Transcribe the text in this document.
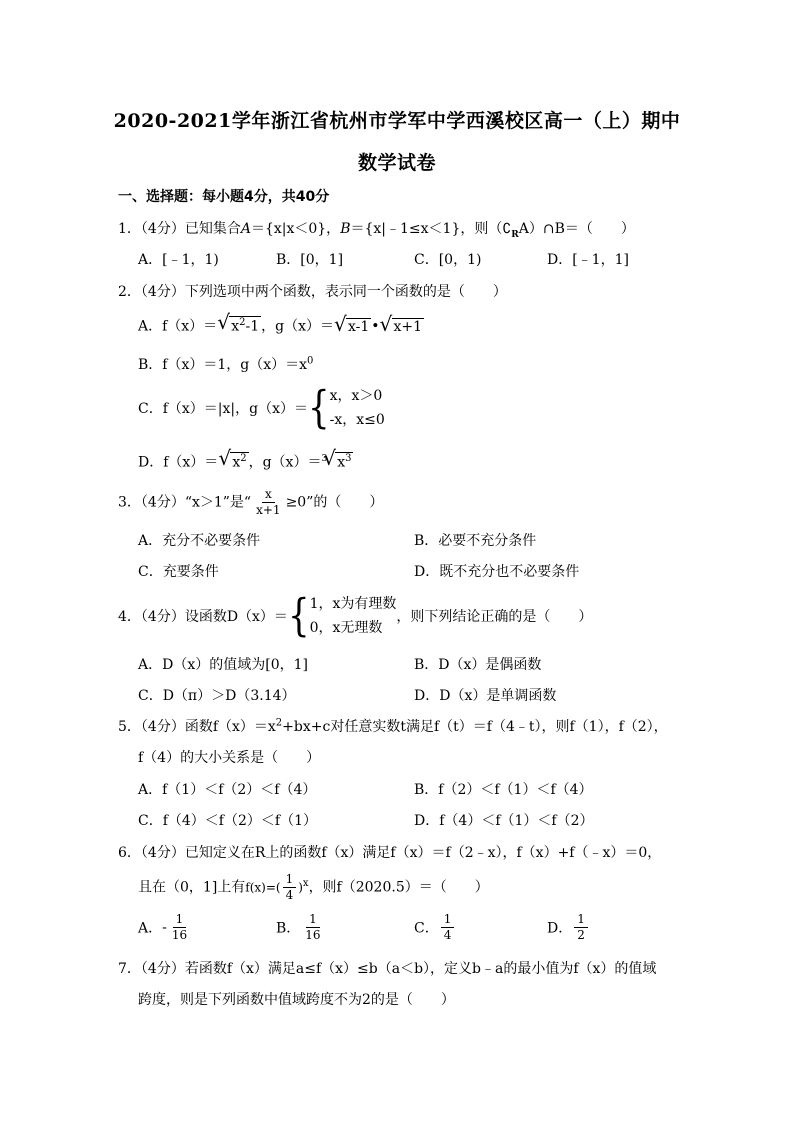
2020-2021学年浙江省杭州市学军中学西溪校区高一（上）期中
数学试卷
一、选择题：每小题4分，共40分
1．（4分）已知集合A＝{x|x＜0}，B＝{x|﹣1≤x＜1}，则$(∁_RA)\cap B=$（　　）
A．[﹣1，1)	B．[0，1]	C．[0，1)	D．[﹣1，1]
2．（4分）下列选项中两个函数，表示同一个函数的是（　　）
A．f（x）＝ √ $x^2-1$ ，g（x）＝ √ x-1 • √ x+1
B．f（x）＝1，$g(x)=x^0$
C．f（x）＝|x|，g（x）＝{ x，x＞0
-x，x≤0
D．f（x）＝ √ $x^2$ ，g（x）＝$^3$ √ $x^3$
3．（4分）“x＞1”是“ $\frac{x}{x+1} \ge 0$”的（　　）
A．充分不必要条件	B．必要不充分条件
C．充要条件	D．既不充分也不必要条件
4．（4分）设函数D（x）＝{ 1，x为有理数
0，x无理数
，则下列结论正确的是（　　）
A．D（x）的值域为[0，1]	B．D（x）是偶函数
C．D（π）＞D（3.14）	D．D（x）是单调函数
5．（4分）函数$f(x)=x^2+bx+c$对任意实数t满足f（t）＝f（4﹣t），则f（1），f（2），
f（4）的大小关系是（　　）
A．f（1）＜f（2）＜f（4）	B．f（2）＜f（1）＜f（4）
C．f（4）＜f（2）＜f（1）	D．f（4）＜f（1）＜f（2）
6．（4分）已知定义在R上的函数f（x）满足f（x）＝f（2﹣x），f（x）+f（﹣x）＝0，
且在（0，1]上有$f(x)=( \frac{1}{4} )^x$，则f（2020.5）＝（　　）
A．- $\frac{1}{16}$	B． $\frac{1}{16}$	C． $\frac{1}{4}$	D． $\frac{1}{2}$
7．（4分）若函数f（x）满足a≤f（x）≤b（a＜b），定义b﹣a的最小值为f（x）的值域
跨度，则是下列函数中值域跨度不为2的是（　　）
